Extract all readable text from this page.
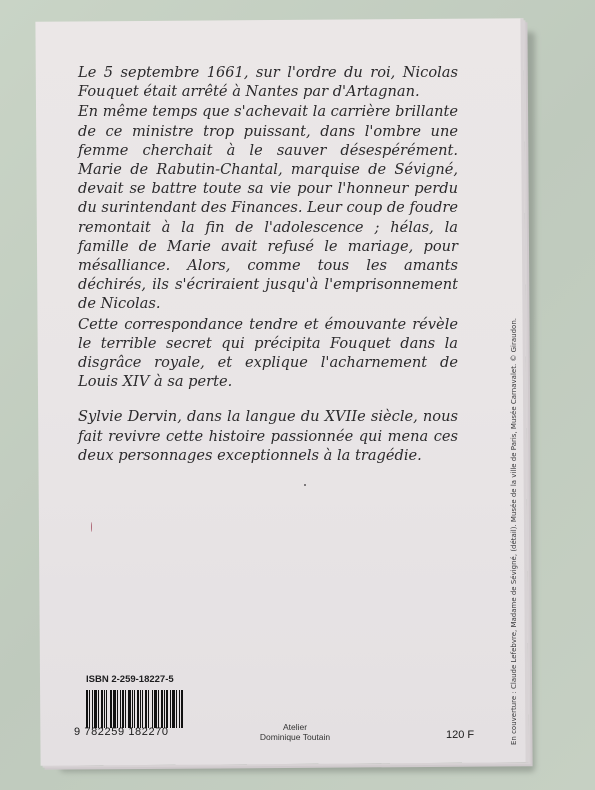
Le 5 septembre 1661, sur l'ordre du roi, Nicolas Fouquet était arrêté à Nantes par d'Artagnan.

En même temps que s'achevait la carrière brillante de ce ministre trop puissant, dans l'ombre une femme cherchait à le sauver désespérément. Marie de Rabutin-Chantal, marquise de Sévigné, devait se battre toute sa vie pour l'honneur perdu du surintendant des Finances. Leur coup de foudre remontait à la fin de l'adolescence ; hélas, la famille de Marie avait refusé le mariage, pour mésalliance. Alors, comme tous les amants déchirés, ils s'écriraient jusqu'à l'emprisonnement de Nicolas.

Cette correspondance tendre et émouvante révèle le terrible secret qui précipita Fouquet dans la disgrâce royale, et explique l'acharnement de Louis XIV à sa perte.

Sylvie Dervin, dans la langue du XVIIe siècle, nous fait revivre cette histoire passionnée qui mena ces deux personnages exceptionnels à la tragédie.	En couverture : Claude Lefebvre, Madame de Sévigné, (détail). Musée de la ville de Paris, Musée Carnavalet. © Giraudon.
ISBN 2-259-18227-5
9 782259 182270	Atelier
Dominique Toutain	120 F
